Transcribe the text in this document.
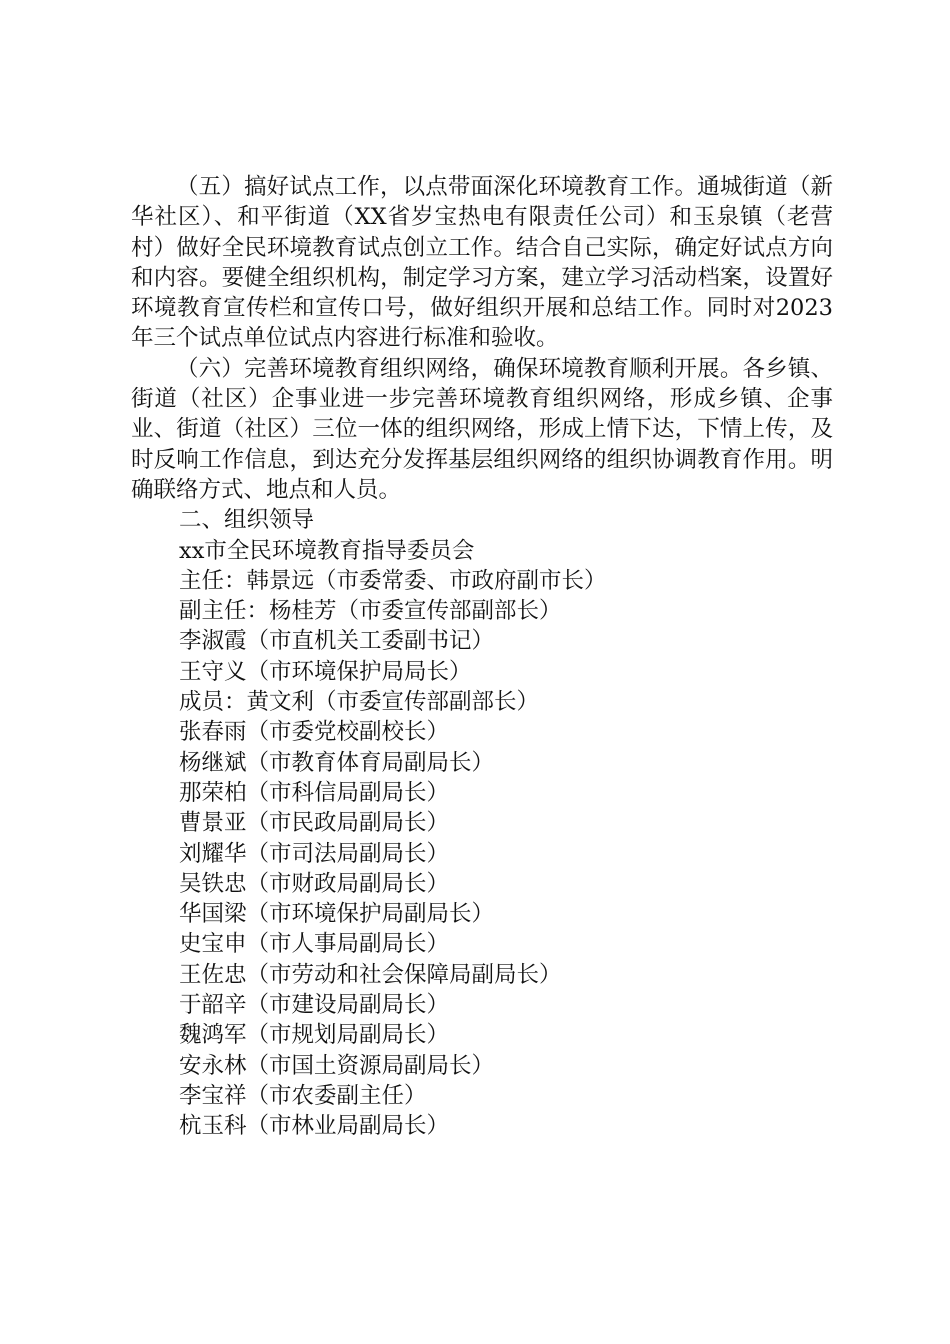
（五）搞好试点工作，以点带面深化环境教育工作。通城街道（新华社区）、和平街道（XX省岁宝热电有限责任公司）和玉泉镇（老营村）做好全民环境教育试点创立工作。结合自己实际，确定好试点方向和内容。要健全组织机构，制定学习方案，建立学习活动档案，设置好环境教育宣传栏和宣传口号，做好组织开展和总结工作。同时对2023年三个试点单位试点内容进行标准和验收。

（六）完善环境教育组织网络，确保环境教育顺利开展。各乡镇、街道（社区）企事业进一步完善环境教育组织网络，形成乡镇、企事业、街道（社区）三位一体的组织网络，形成上情下达，下情上传，及时反响工作信息，到达充分发挥基层组织网络的组织协调教育作用。明确联络方式、地点和人员。

二、组织领导

xx市全民环境教育指导委员会

主任：韩景远（市委常委、市政府副市长）

副主任：杨桂芳（市委宣传部副部长）

李淑霞（市直机关工委副书记）

王守义（市环境保护局局长）

成员：黄文利（市委宣传部副部长）

张春雨（市委党校副校长）

杨继斌（市教育体育局副局长）

那荣柏（市科信局副局长）

曹景亚（市民政局副局长）

刘耀华（市司法局副局长）

吴铁忠（市财政局副局长）

华国梁（市环境保护局副局长）

史宝申（市人事局副局长）

王佐忠（市劳动和社会保障局副局长）

于韶辛（市建设局副局长）

魏鸿军（市规划局副局长）

安永林（市国土资源局副局长）

李宝祥（市农委副主任）

杭玉科（市林业局副局长）
